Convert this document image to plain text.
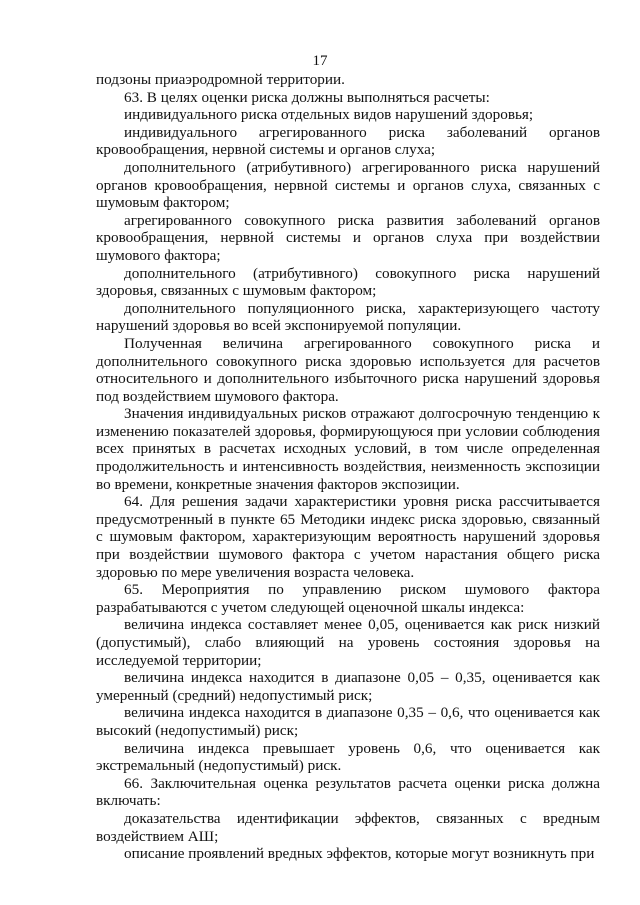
17

подзоны приаэродромной территории.

63. В целях оценки риска должны выполняться расчеты:

индивидуального риска отдельных видов нарушений здоровья;

индивидуального агрегированного риска заболеваний органов кровообращения, нервной системы и органов слуха;

дополнительного (атрибутивного) агрегированного риска нарушений органов кровообращения, нервной системы и органов слуха, связанных с шумовым фактором;

агрегированного совокупного риска развития заболеваний органов кровообращения, нервной системы и органов слуха при воздействии шумового фактора;

дополнительного (атрибутивного) совокупного риска нарушений здоровья, связанных с шумовым фактором;

дополнительного популяционного риска, характеризующего частоту нарушений здоровья во всей экспонируемой популяции.

Полученная величина агрегированного совокупного риска и дополнительного совокупного риска здоровью используется для расчетов относительного и дополнительного избыточного риска нарушений здоровья под воздействием шумового фактора.

Значения индивидуальных рисков отражают долгосрочную тенденцию к изменению показателей здоровья, формирующуюся при условии соблюдения всех принятых в расчетах исходных условий, в том числе определенная продолжительность и интенсивность воздействия, неизменность экспозиции во времени, конкретные значения факторов экспозиции.

64. Для решения задачи характеристики уровня риска рассчитывается предусмотренный в пункте 65 Методики индекс риска здоровью, связанный с шумовым фактором, характеризующим вероятность нарушений здоровья при воздействии шумового фактора с учетом нарастания общего риска здоровью по мере увеличения возраста человека.

65. Мероприятия по управлению риском шумового фактора разрабатываются с учетом следующей оценочной шкалы индекса:

величина индекса составляет менее 0,05, оценивается как риск низкий (допустимый), слабо влияющий на уровень состояния здоровья на исследуемой территории;

величина индекса находится в диапазоне 0,05 – 0,35, оценивается как умеренный (средний) недопустимый риск;

величина индекса находится в диапазоне 0,35 – 0,6, что оценивается как высокий (недопустимый) риск;

величина индекса превышает уровень 0,6, что оценивается как экстремальный (недопустимый) риск.

66. Заключительная оценка результатов расчета оценки риска должна включать:

доказательства идентификации эффектов, связанных с вредным воздействием АШ;

описание проявлений вредных эффектов, которые могут возникнуть при
